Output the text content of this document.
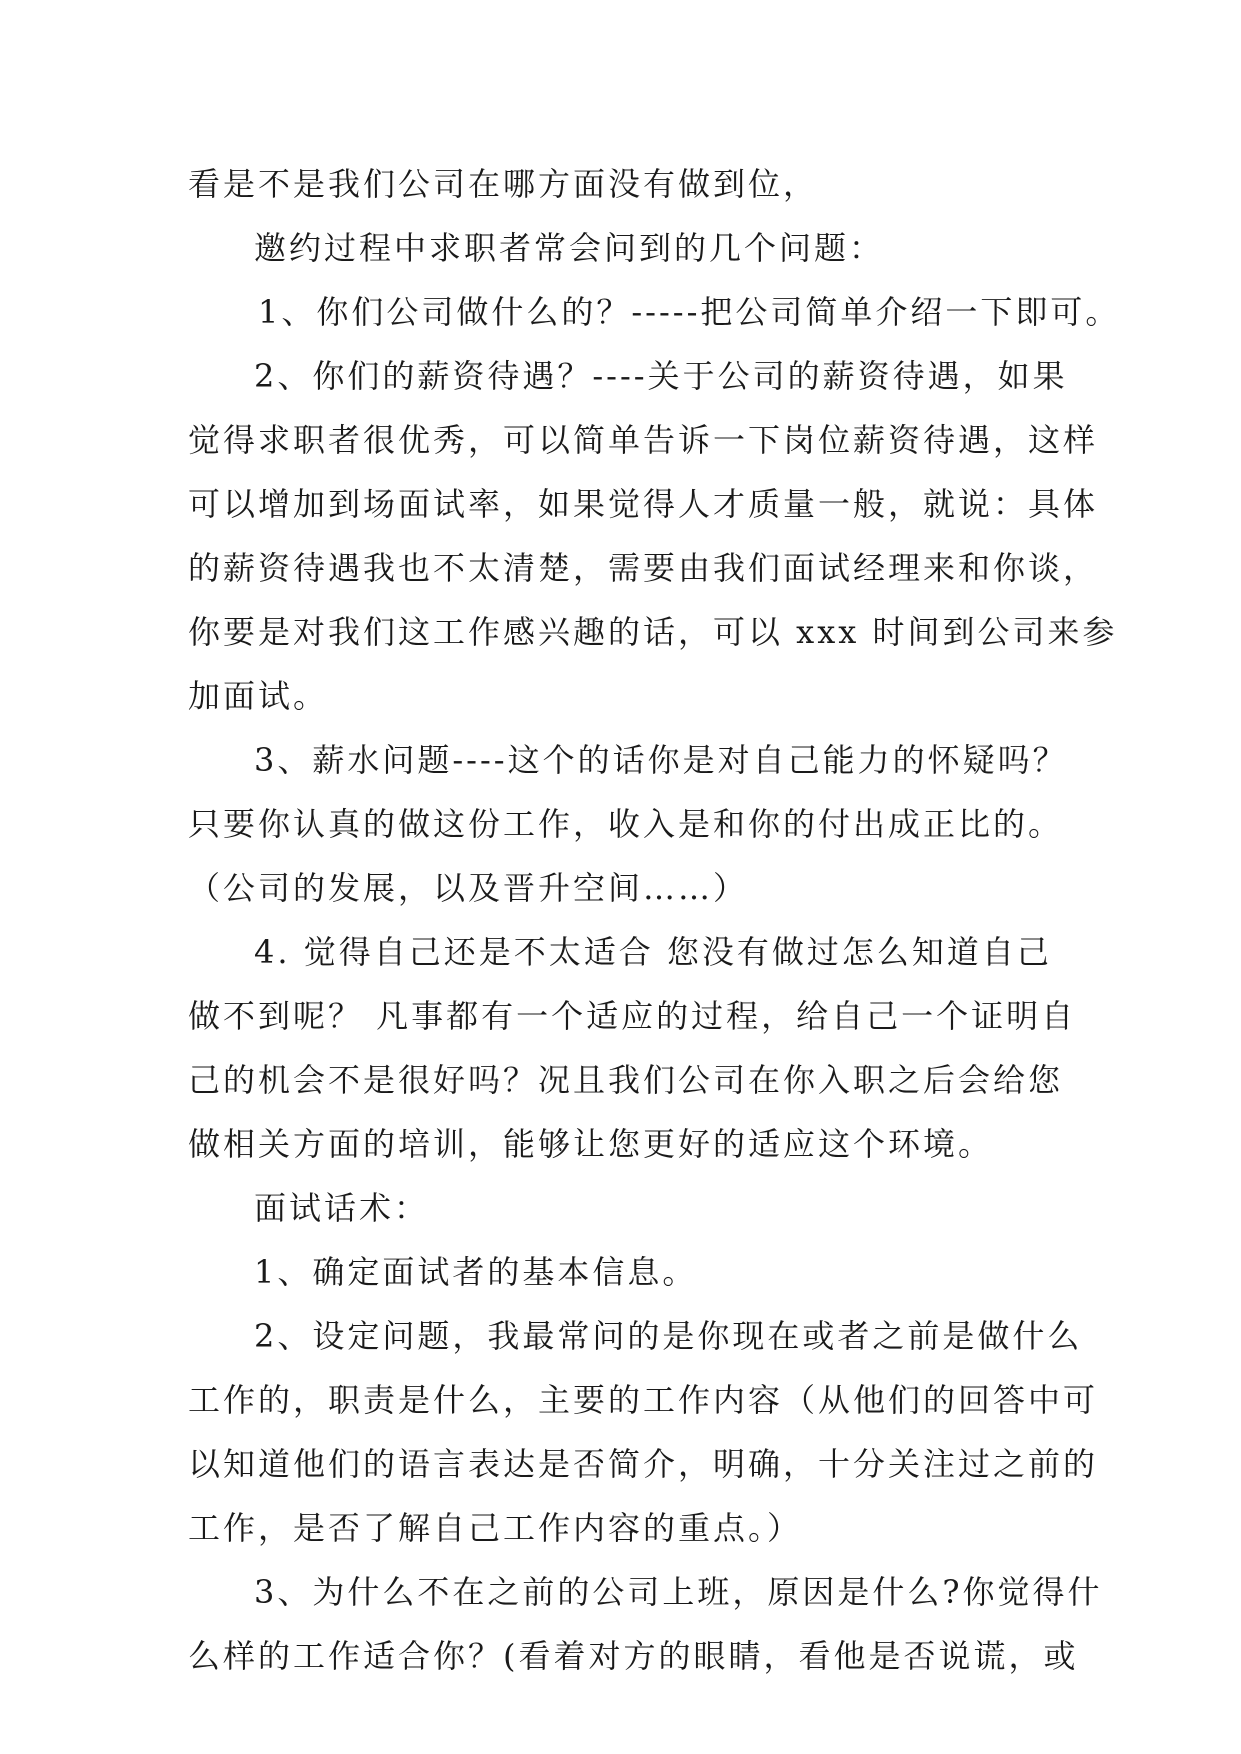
看是不是我们公司在哪方面没有做到位，
邀约过程中求职者常会问到的几个问题：
1、你们公司做什么的？-----把公司简单介绍一下即可。
2、你们的薪资待遇？----关于公司的薪资待遇，如果
觉得求职者很优秀，可以简单告诉一下岗位薪资待遇，这样
可以增加到场面试率，如果觉得人才质量一般，就说：具体
的薪资待遇我也不太清楚，需要由我们面试经理来和你谈，
你要是对我们这工作感兴趣的话，可以 xxx 时间到公司来参
加面试。
3、薪水问题----这个的话你是对自己能力的怀疑吗？
只要你认真的做这份工作，收入是和你的付出成正比的。
（公司的发展，以及晋升空间……）
4. 觉得自己还是不太适合 您没有做过怎么知道自己
做不到呢？ 凡事都有一个适应的过程，给自己一个证明自
己的机会不是很好吗？况且我们公司在你入职之后会给您
做相关方面的培训，能够让您更好的适应这个环境。
面试话术：
1、确定面试者的基本信息。
2、设定问题，我最常问的是你现在或者之前是做什么
工作的，职责是什么，主要的工作内容（从他们的回答中可
以知道他们的语言表达是否简介，明确，十分关注过之前的
工作，是否了解自己工作内容的重点。）
3、为什么不在之前的公司上班，原因是什么?你觉得什
么样的工作适合你？(看着对方的眼睛，看他是否说谎，或
